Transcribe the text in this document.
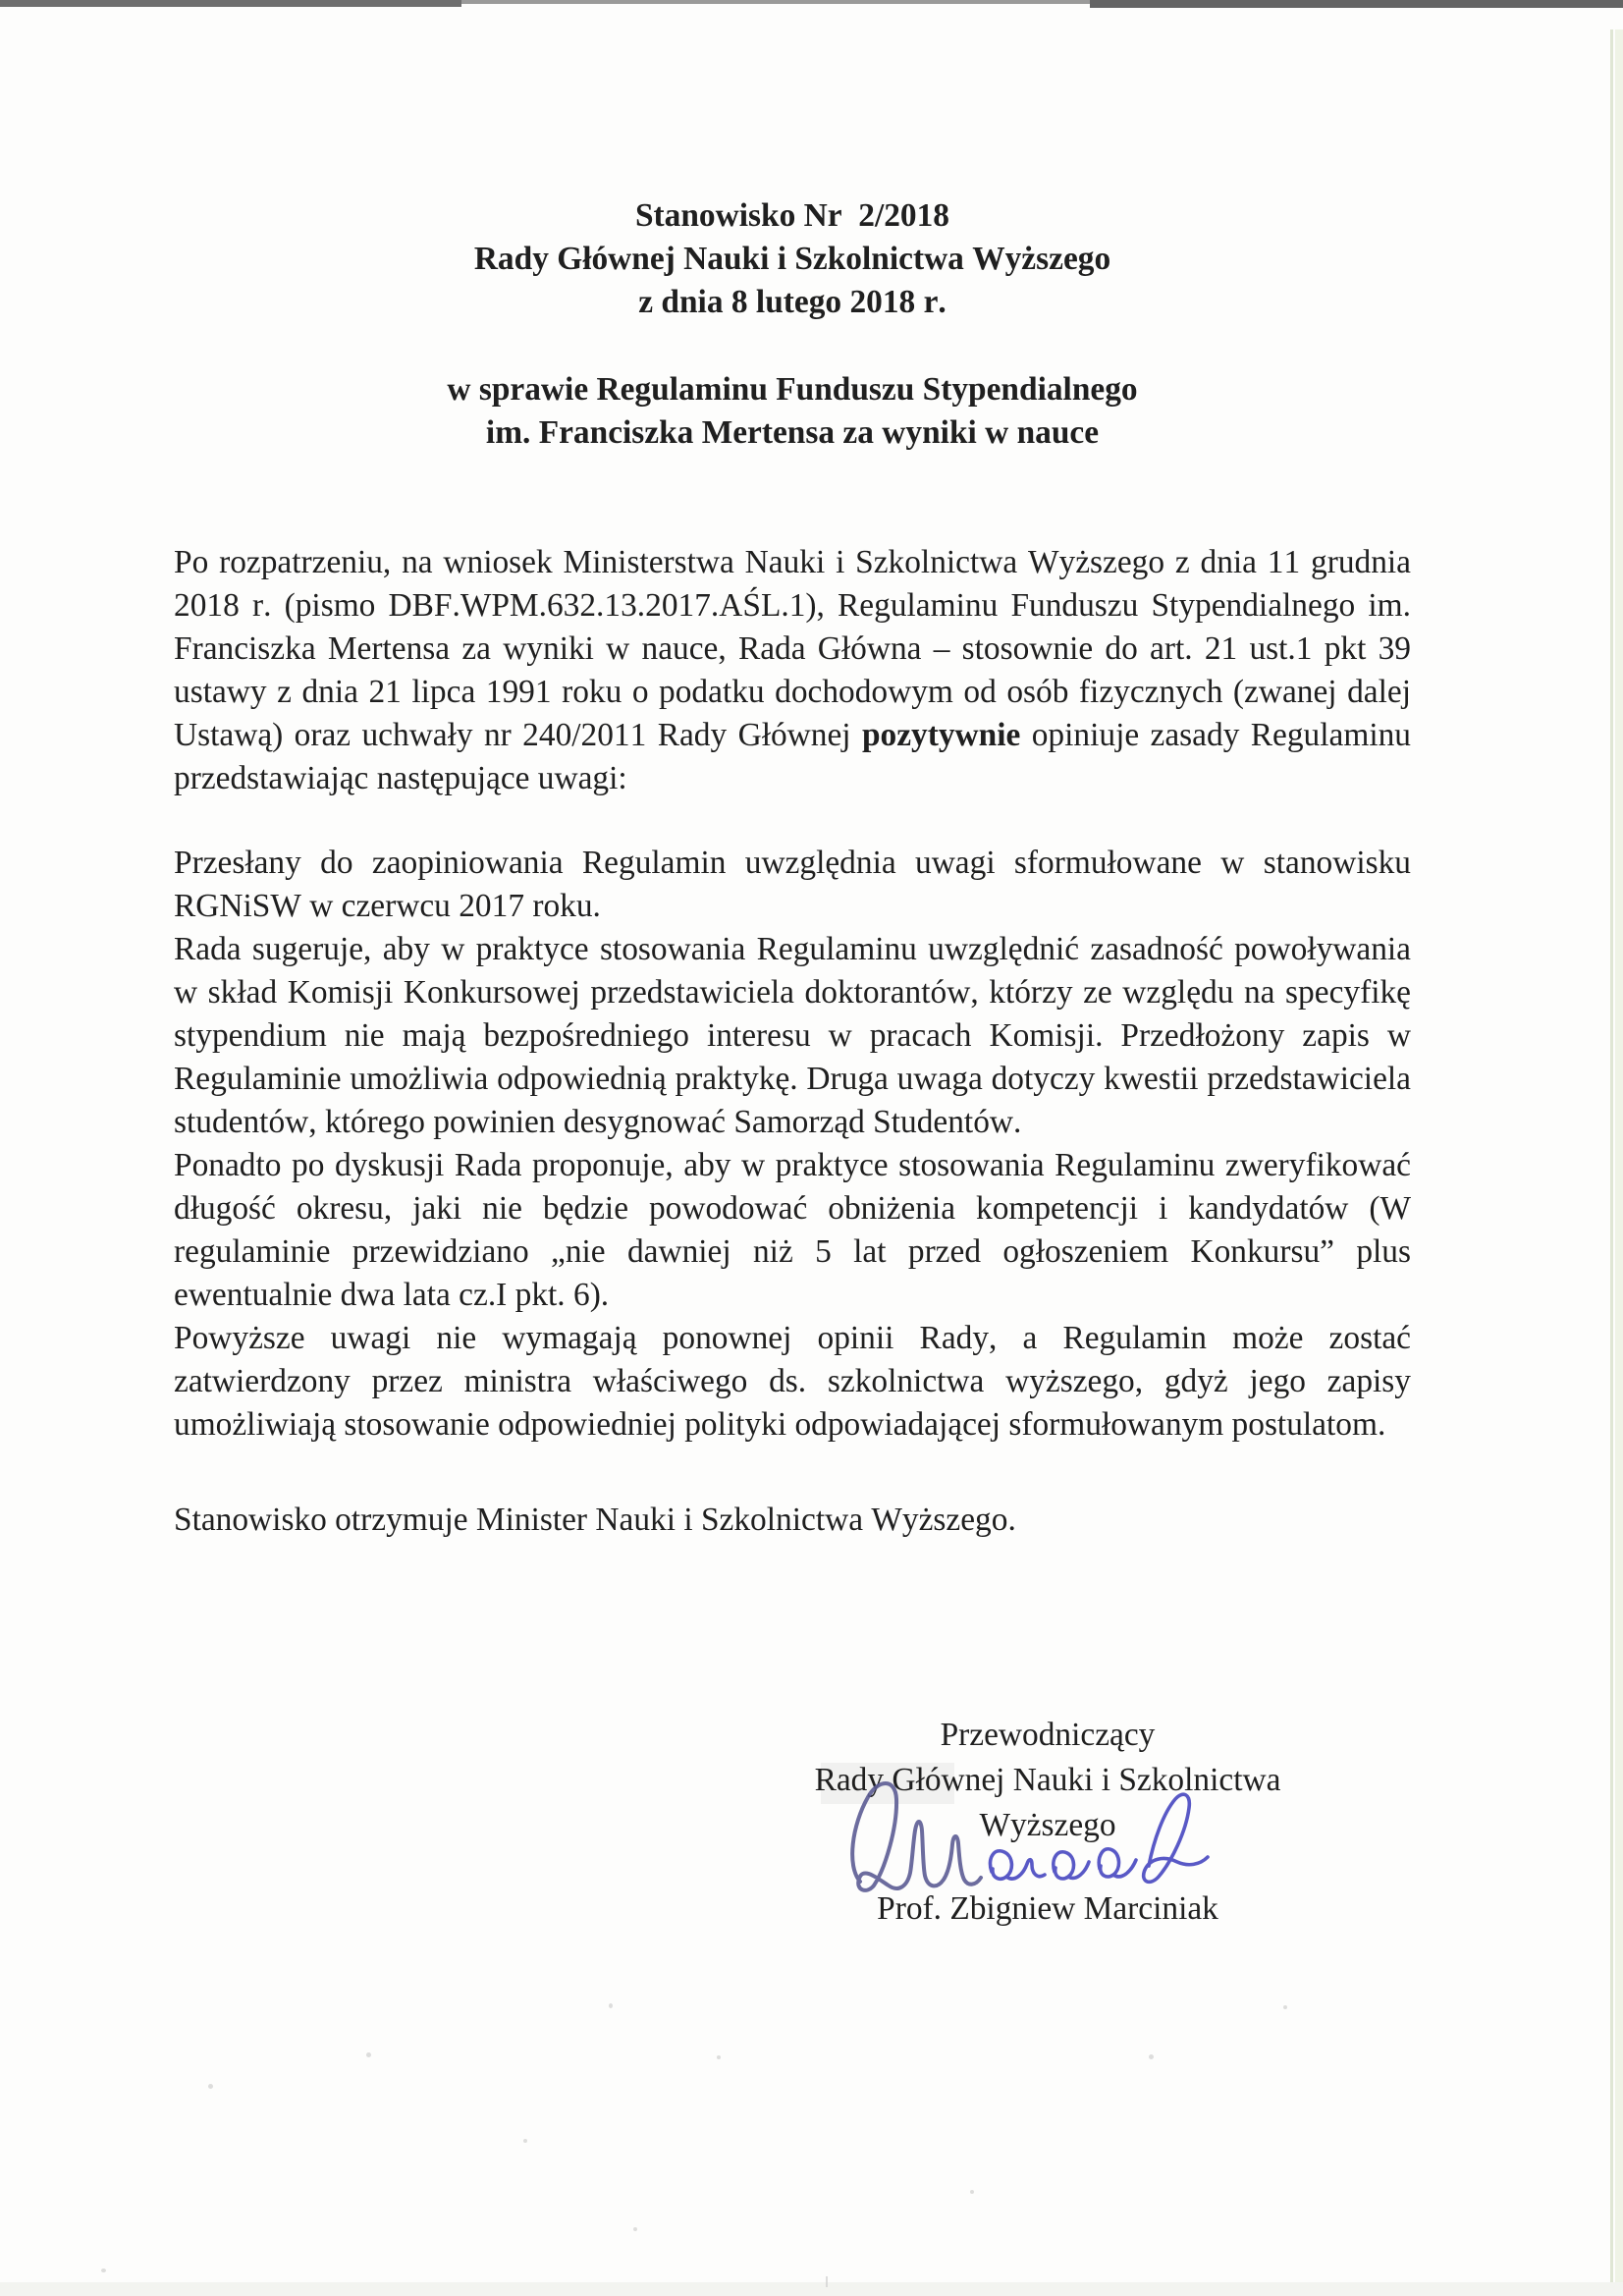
Stanowisko Nr  2/2018
Rady Głównej Nauki i Szkolnictwa Wyższego
z dnia 8 lutego 2018 r.
w sprawie Regulaminu Funduszu Stypendialnego
im. Franciszka Mertensa za wyniki w nauce

Po rozpatrzeniu, na wniosek Ministerstwa Nauki i Szkolnictwa Wyższego z dnia 11 grudnia 2018 r. (pismo DBF.WPM.632.13.2017.AŚL.1), Regulaminu Funduszu Stypendialnego im. Franciszka Mertensa za wyniki w nauce, Rada Główna – stosownie do art. 21 ust.1 pkt 39 ustawy z dnia 21 lipca 1991 roku o podatku dochodowym od osób fizycznych (zwanej dalej Ustawą) oraz uchwały nr 240/2011 Rady Głównej pozytywnie opiniuje zasady Regulaminu przedstawiając następujące uwagi:

Przesłany do zaopiniowania Regulamin uwzględnia uwagi sformułowane w stanowisku RGNiSW w czerwcu 2017 roku.

Rada sugeruje, aby w praktyce stosowania Regulaminu uwzględnić zasadność powoływania w skład Komisji Konkursowej przedstawiciela doktorantów, którzy ze względu na specyfikę stypendium nie mają bezpośredniego interesu w pracach Komisji. Przedłożony zapis w Regulaminie umożliwia odpowiednią praktykę. Druga uwaga dotyczy kwestii przedstawiciela studentów, którego powinien desygnować Samorząd Studentów.

Ponadto po dyskusji Rada proponuje, aby w praktyce stosowania Regulaminu zweryfikować długość okresu, jaki nie będzie powodować obniżenia kompetencji i kandydatów (W regulaminie przewidziano „nie dawniej niż 5 lat przed ogłoszeniem Konkursu” plus ewentualnie dwa lata cz.I pkt. 6).

Powyższe uwagi nie wymagają ponownej opinii Rady, a Regulamin może zostać zatwierdzony przez ministra właściwego ds. szkolnictwa wyższego, gdyż jego zapisy umożliwiają stosowanie odpowiedniej polityki odpowiadającej sformułowanym postulatom.

Stanowisko otrzymuje Minister Nauki i Szkolnictwa Wyższego.

Przewodniczący
Rady Głównej Nauki i Szkolnictwa Wyższego
Prof. Zbigniew Marciniak
